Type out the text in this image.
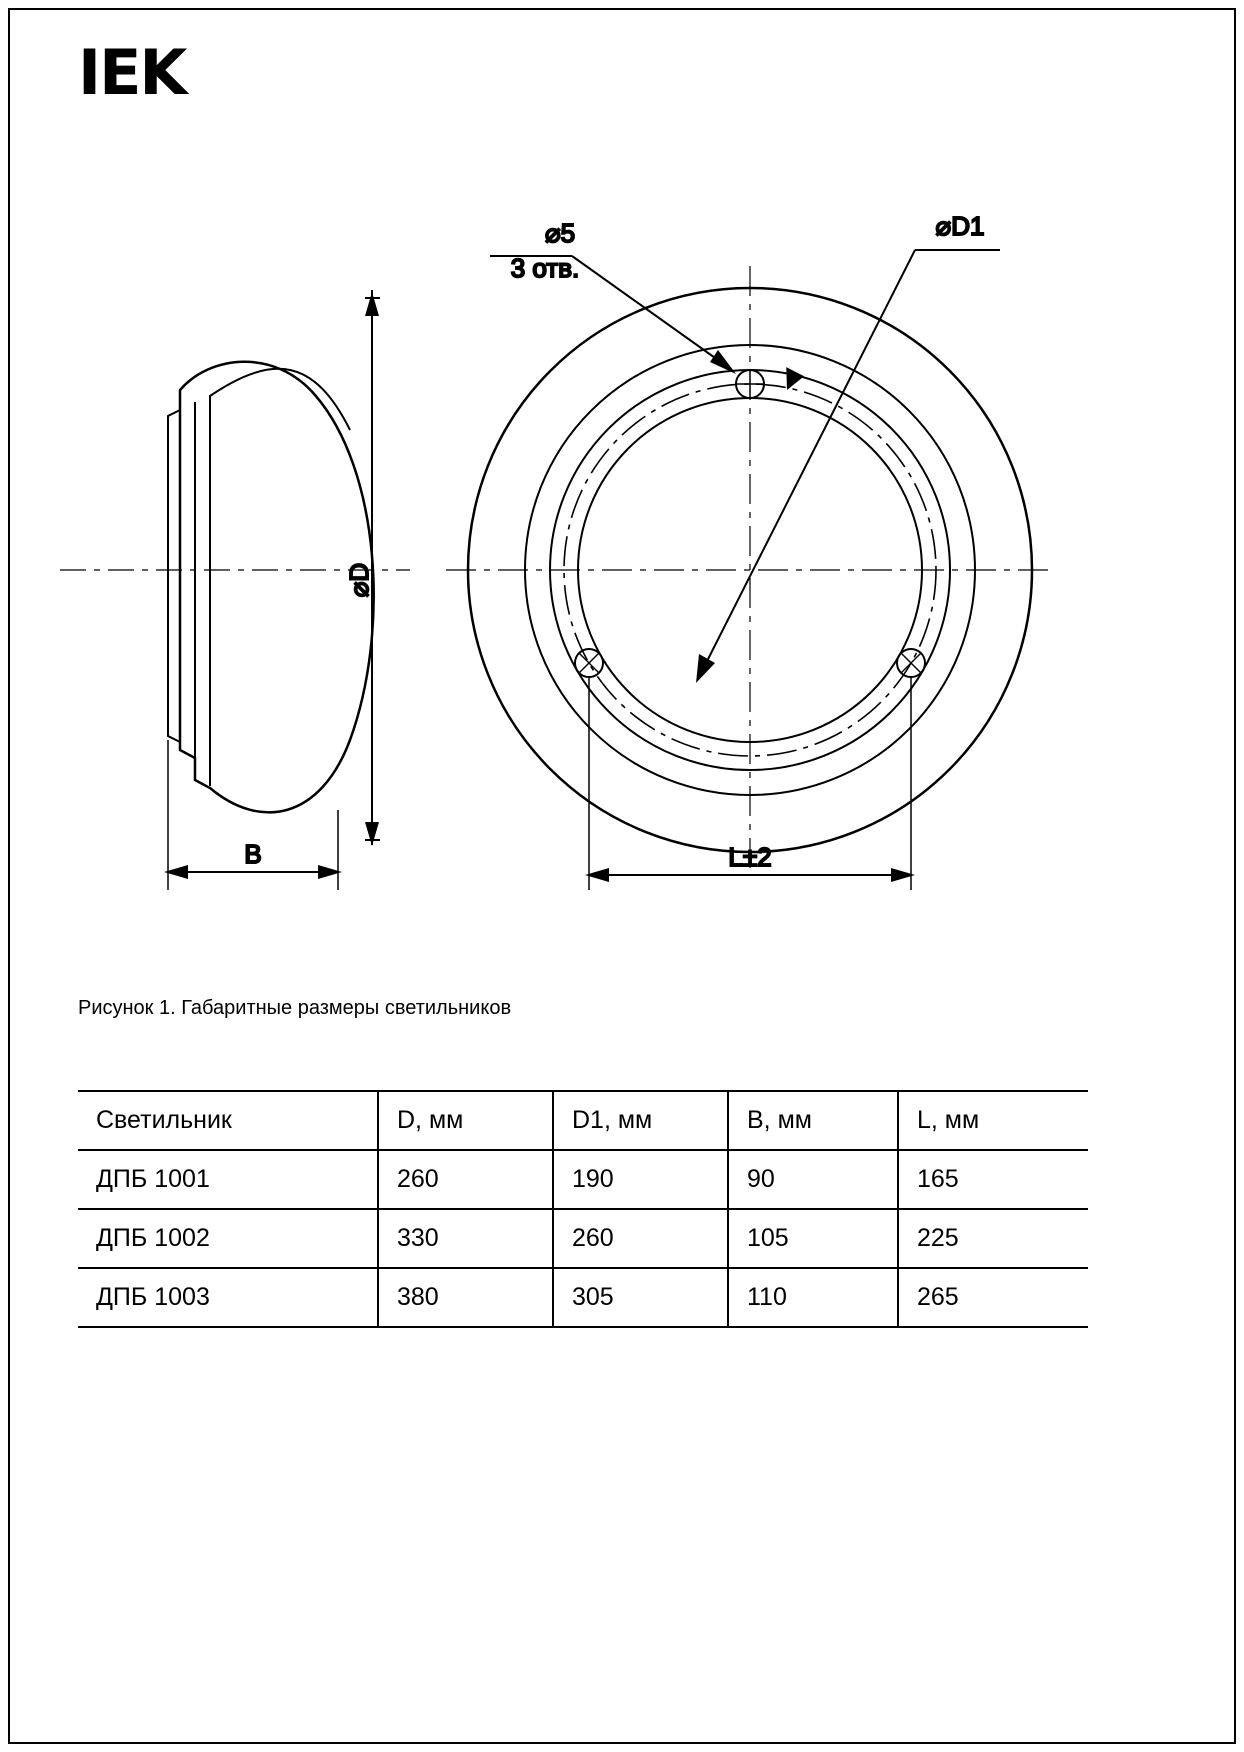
IEK
⌀D
B
⌀5
3 отв.
⌀D1
L±2
Рисунок 1. Габаритные размеры светильников
Светильник	D, мм	D1, мм	B, мм	L, мм
ДПБ 1001	260	190	90	165
ДПБ 1002	330	260	105	225
ДПБ 1003	380	305	110	265
